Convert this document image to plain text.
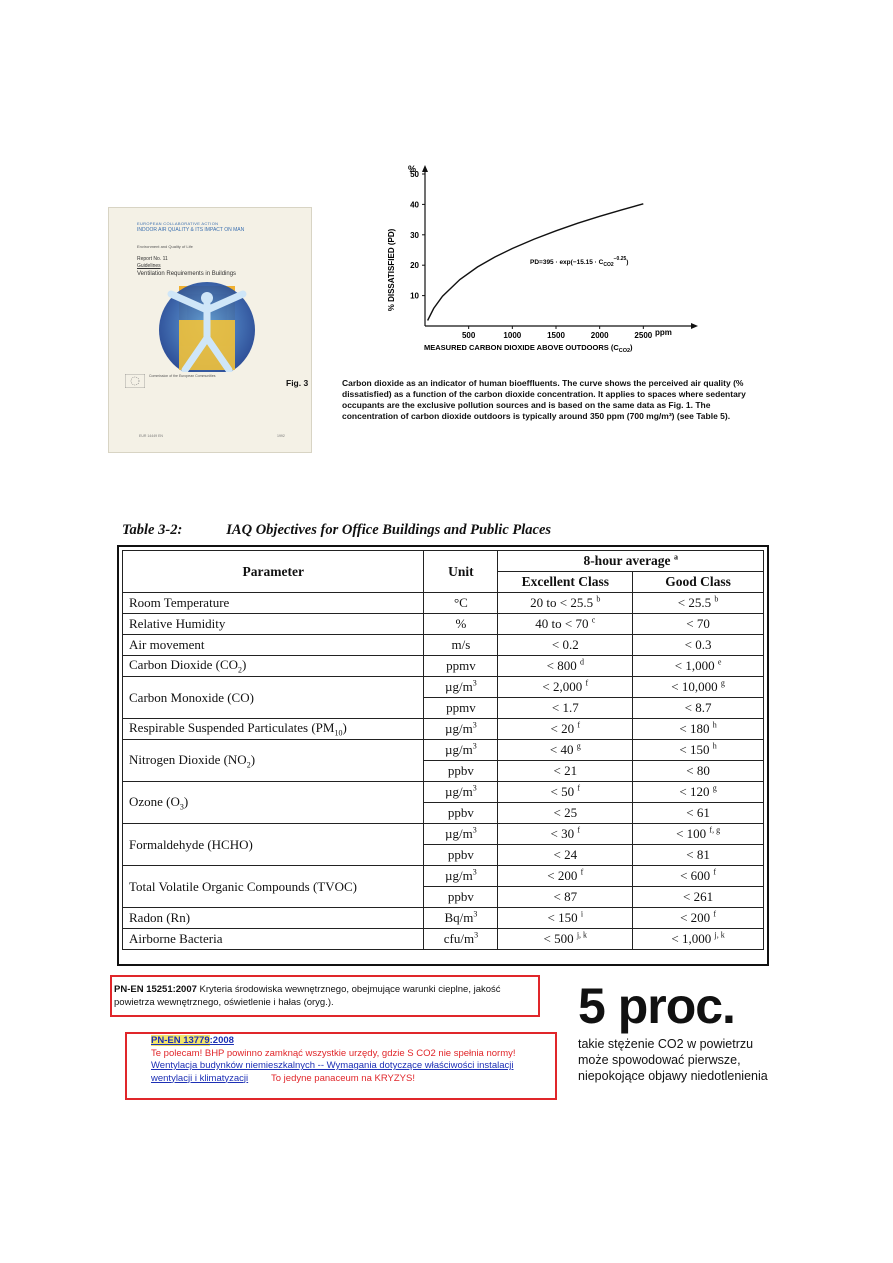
EUROPEAN COLLABORATIVE ACTION
INDOOR AIR QUALITY & ITS IMPACT ON MAN
Environment and Quality of Life
Report No. 11
Guidelines
Ventilation Requirements in Buildings
Commission of the European Communities
EUR 14449 EN	1992
%
% DISSATISFIED (PD) 10
20
30
40
50
500	1000	1500	2000	2500 ppm
$PD=395 \cdot \exp(-15.15 \cdot C_{CO2}^{-0.25})$
MEASURED CARBON DIOXIDE ABOVE OUTDOORS $(C_{CO2})$
Fig. 3	Carbon dioxide as an indicator of human bioeffluents. The curve shows the perceived air quality (% dissatisfied) as a function of the carbon dioxide concentration. It applies to spaces where sedentary occupants are the exclusive pollution sources and is based on the same data as Fig. 1. The concentration of carbon dioxide outdoors is typically around 350 ppm (700 mg/m³) (see Table 5).
Table 3-2:	IAQ Objectives for Office Buildings and Public Places
Parameter	Unit	8-hour average $^a$
		Excellent Class	Good Class
Room Temperature	°C	20 to < 25.5 $^b$	< 25.5 $^b$
Relative Humidity	%	40 to < 70 $^c$	< 70
Air movement	m/s	< 0.2	< 0.3
Carbon Dioxide $(CO_2)$	ppmv	< 800 $^d$	< 1,000 $^e$
Carbon Monoxide (CO)	$\mu g/m^3$	< 2,000 $^f$	< 10,000 $^g$
	ppmv	< 1.7	< 8.7
Respirable Suspended Particulates $(PM_{10})$	$\mu g/m^3$	< 20 $^f$	< 180 $^h$
Nitrogen Dioxide $(NO_2)$	$\mu g/m^3$	< 40 $^g$	< 150 $^h$
	ppbv	< 21	< 80
Ozone $(O_3)$	$\mu g/m^3$	< 50 $^f$	< 120 $^g$
	ppbv	< 25	< 61
Formaldehyde (HCHO)	$\mu g/m^3$	< 30 $^f$	< 100 $^{f, g}$
	ppbv	< 24	< 81
Total Volatile Organic Compounds (TVOC)	$\mu g/m^3$	< 200 $^f$	< 600 $^f$
	ppbv	< 87	< 261
Radon (Rn)	$Bq/m^3$	< 150 $^i$	< 200 $^f$
Airborne Bacteria	cfu/$m^3$	< 500 $^{j, k}$	< 1,000 $^{j, k}$
PN-EN 15251:2007 Kryteria środowiska wewnętrznego, obejmujące warunki cieplne, jakość powietrza wewnętrznego, oświetlenie i hałas (oryg.).
PN-EN 13779:2008
Te polecam! BHP powinno zamknąć wszystkie urzędy, gdzie S CO2 nie spełnia normy!
Wentylacja budynków niemieszkalnych -- Wymagania dotyczące właściwości instalacji wentylacji i klimatyzacji To jedyne panaceum na KRYZYS!
5 proc.
takie stężenie CO2 w powietrzu może spowodować pierwsze, niepokojące objawy niedotlenienia
